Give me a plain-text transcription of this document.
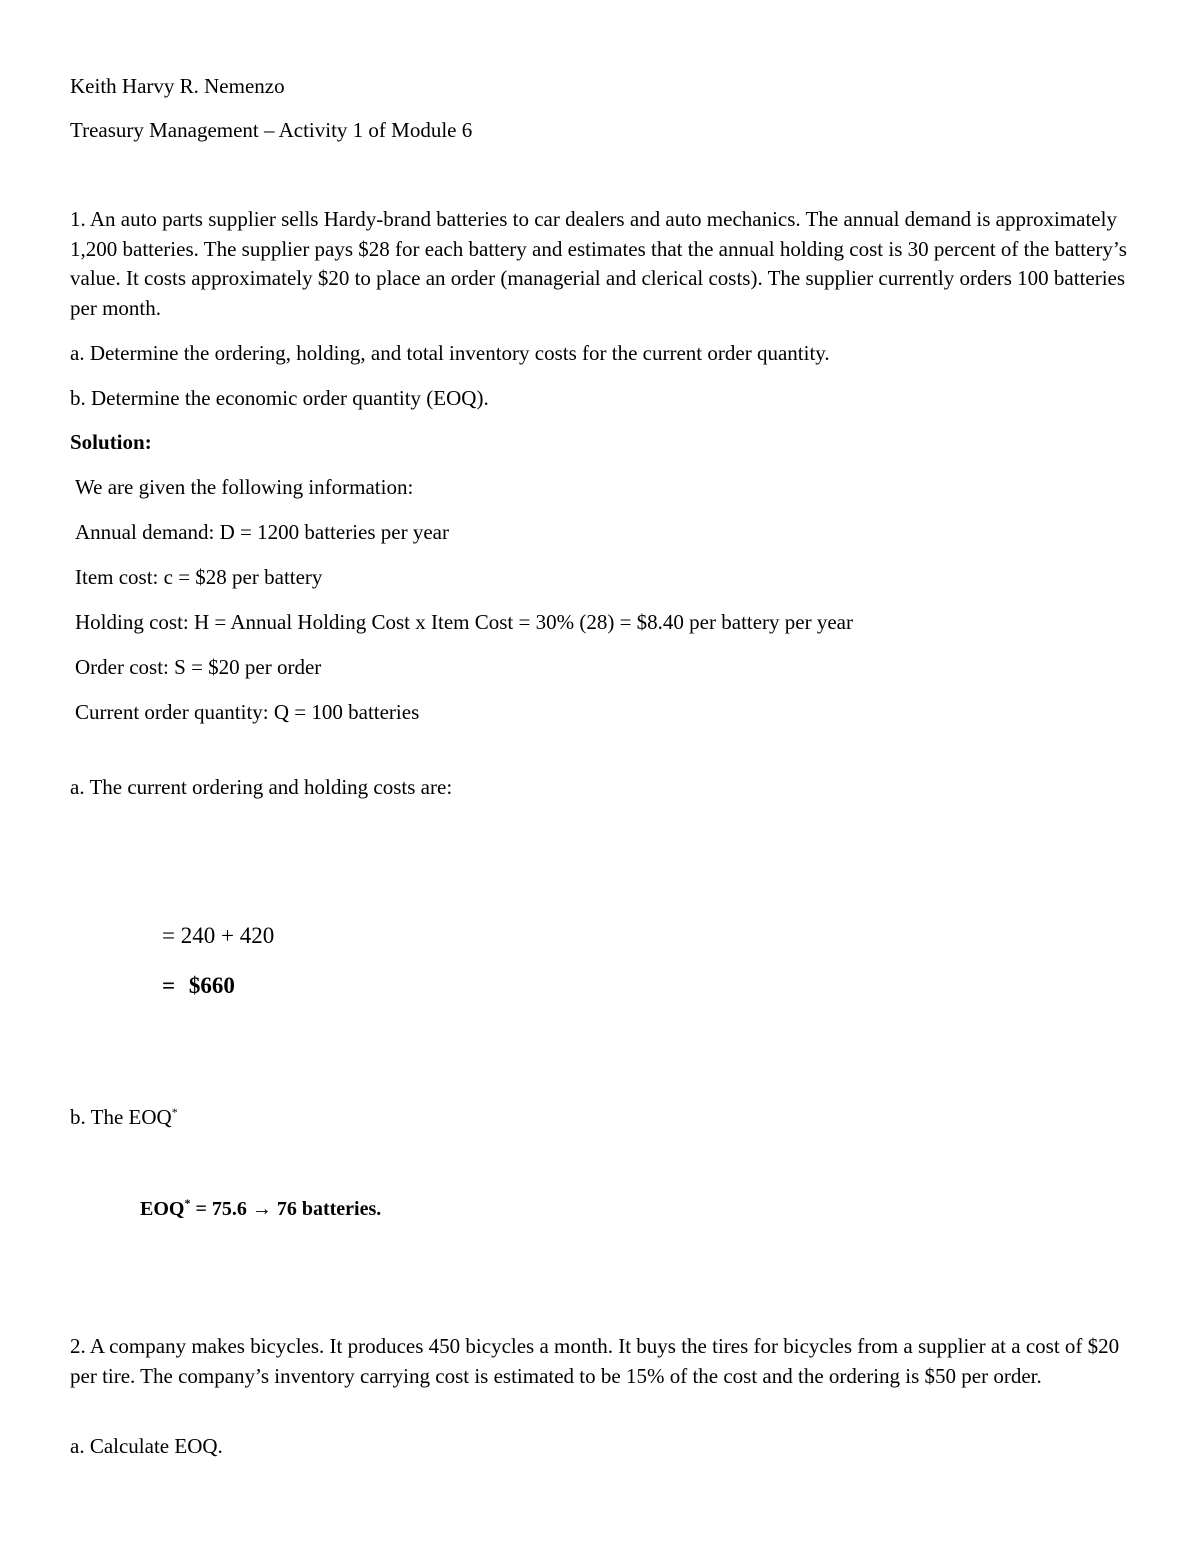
Keith Harvy R. Nemenzo

Treasury Management – Activity 1 of Module 6

1. An auto parts supplier sells Hardy-brand batteries to car dealers and auto mechanics. The annual demand is approximately 1,200 batteries. The supplier pays $28 for each battery and estimates that the annual holding cost is 30 percent of the battery’s value. It costs approximately $20 to place an order (managerial and clerical costs). The supplier currently orders 100 batteries per month.

a. Determine the ordering, holding, and total inventory costs for the current order quantity.

b. Determine the economic order quantity (EOQ).

Solution:

We are given the following information:

Annual demand: D = 1200 batteries per year

Item cost: c = $28 per battery

Holding cost: H = Annual Holding Cost x Item Cost = 30% (28) = $8.40 per battery per year

Order cost: S = $20 per order

Current order quantity: Q = 100 batteries

a. The current ordering and holding costs are:

= 240 + 420

= $660

b. The EOQ*

EOQ* = 75.6 → 76 batteries.

2. A company makes bicycles. It produces 450 bicycles a month. It buys the tires for bicycles from a supplier at a cost of $20 per tire. The company’s inventory carrying cost is estimated to be 15% of the cost and the ordering is $50 per order.

a. Calculate EOQ.
